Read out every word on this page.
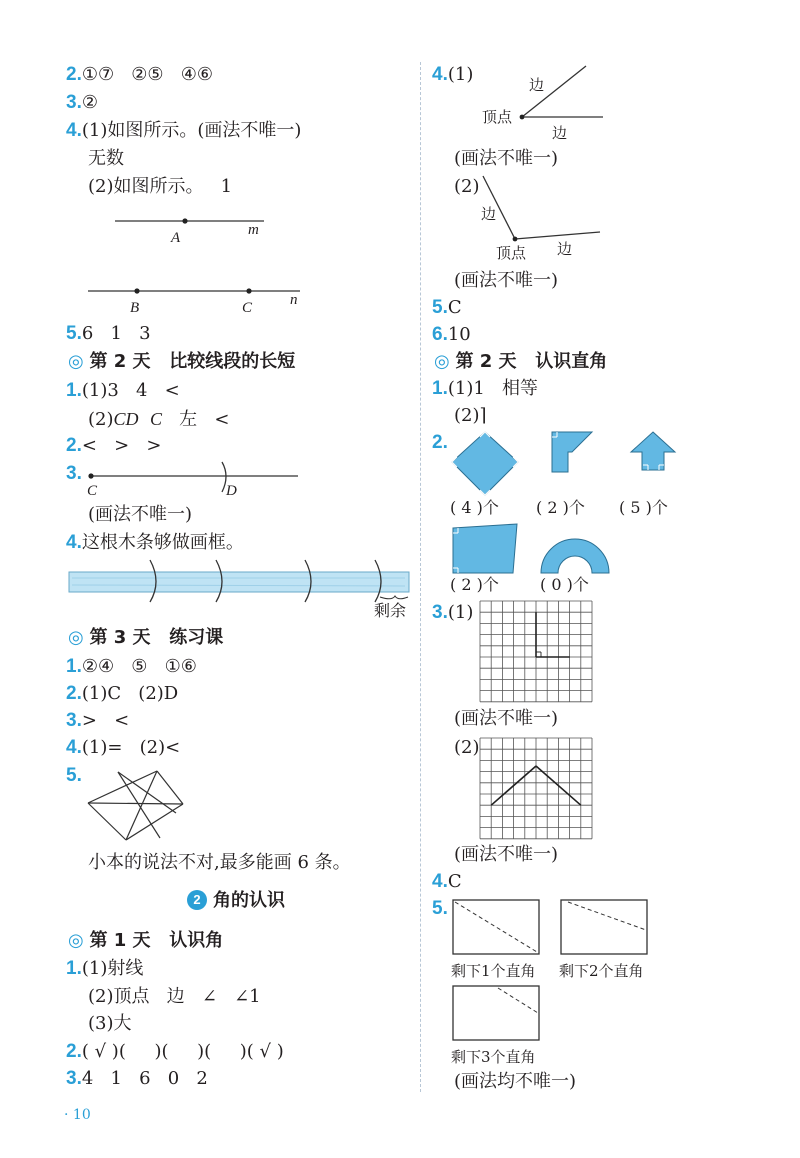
2.①⑦   ②⑤   ④⑥
3.②
4.(1)如图所示。(画法不唯一)
无数
(2)如图所示。   1
A	m
B	C	n
5.6   1   3
◎ 第 2 天   比较线段的长短
1.(1)3   4   <
(2)CD C   左   <
2.<   >   >
3.
C	D
(画法不唯一)
4.这根木条够做画框。
剩余
◎ 第 3 天   练习课
1.②④   ⑤   ①⑥
2.(1)C   (2)D
3.>   <
4.(1)=   (2)<
5.
小本的说法不对,最多能画 6 条。
2 角的认识
◎ 第 1 天   认识角
1.(1)射线
(2)顶点   边   ∠   ∠1
(3)大
2.( √ )(     )(     )(     )( √ )
3.4   1   6   0   2
· 10
4.(1)	边
顶点
边
(画法不唯一)
(2)
边
顶点 边
(画法不唯一)
5.C
6.10
◎ 第 2 天   认识直角
1.(1)1   相等
(2)⌉
2.
( 4 )个 ( 2 )个 ( 5 )个
( 2 )个	( 0 )个
3.(1)
(画法不唯一)
(2)
(画法不唯一)
4.C
5.
剩下1个直角 剩下2个直角
剩下3个直角
(画法均不唯一)
